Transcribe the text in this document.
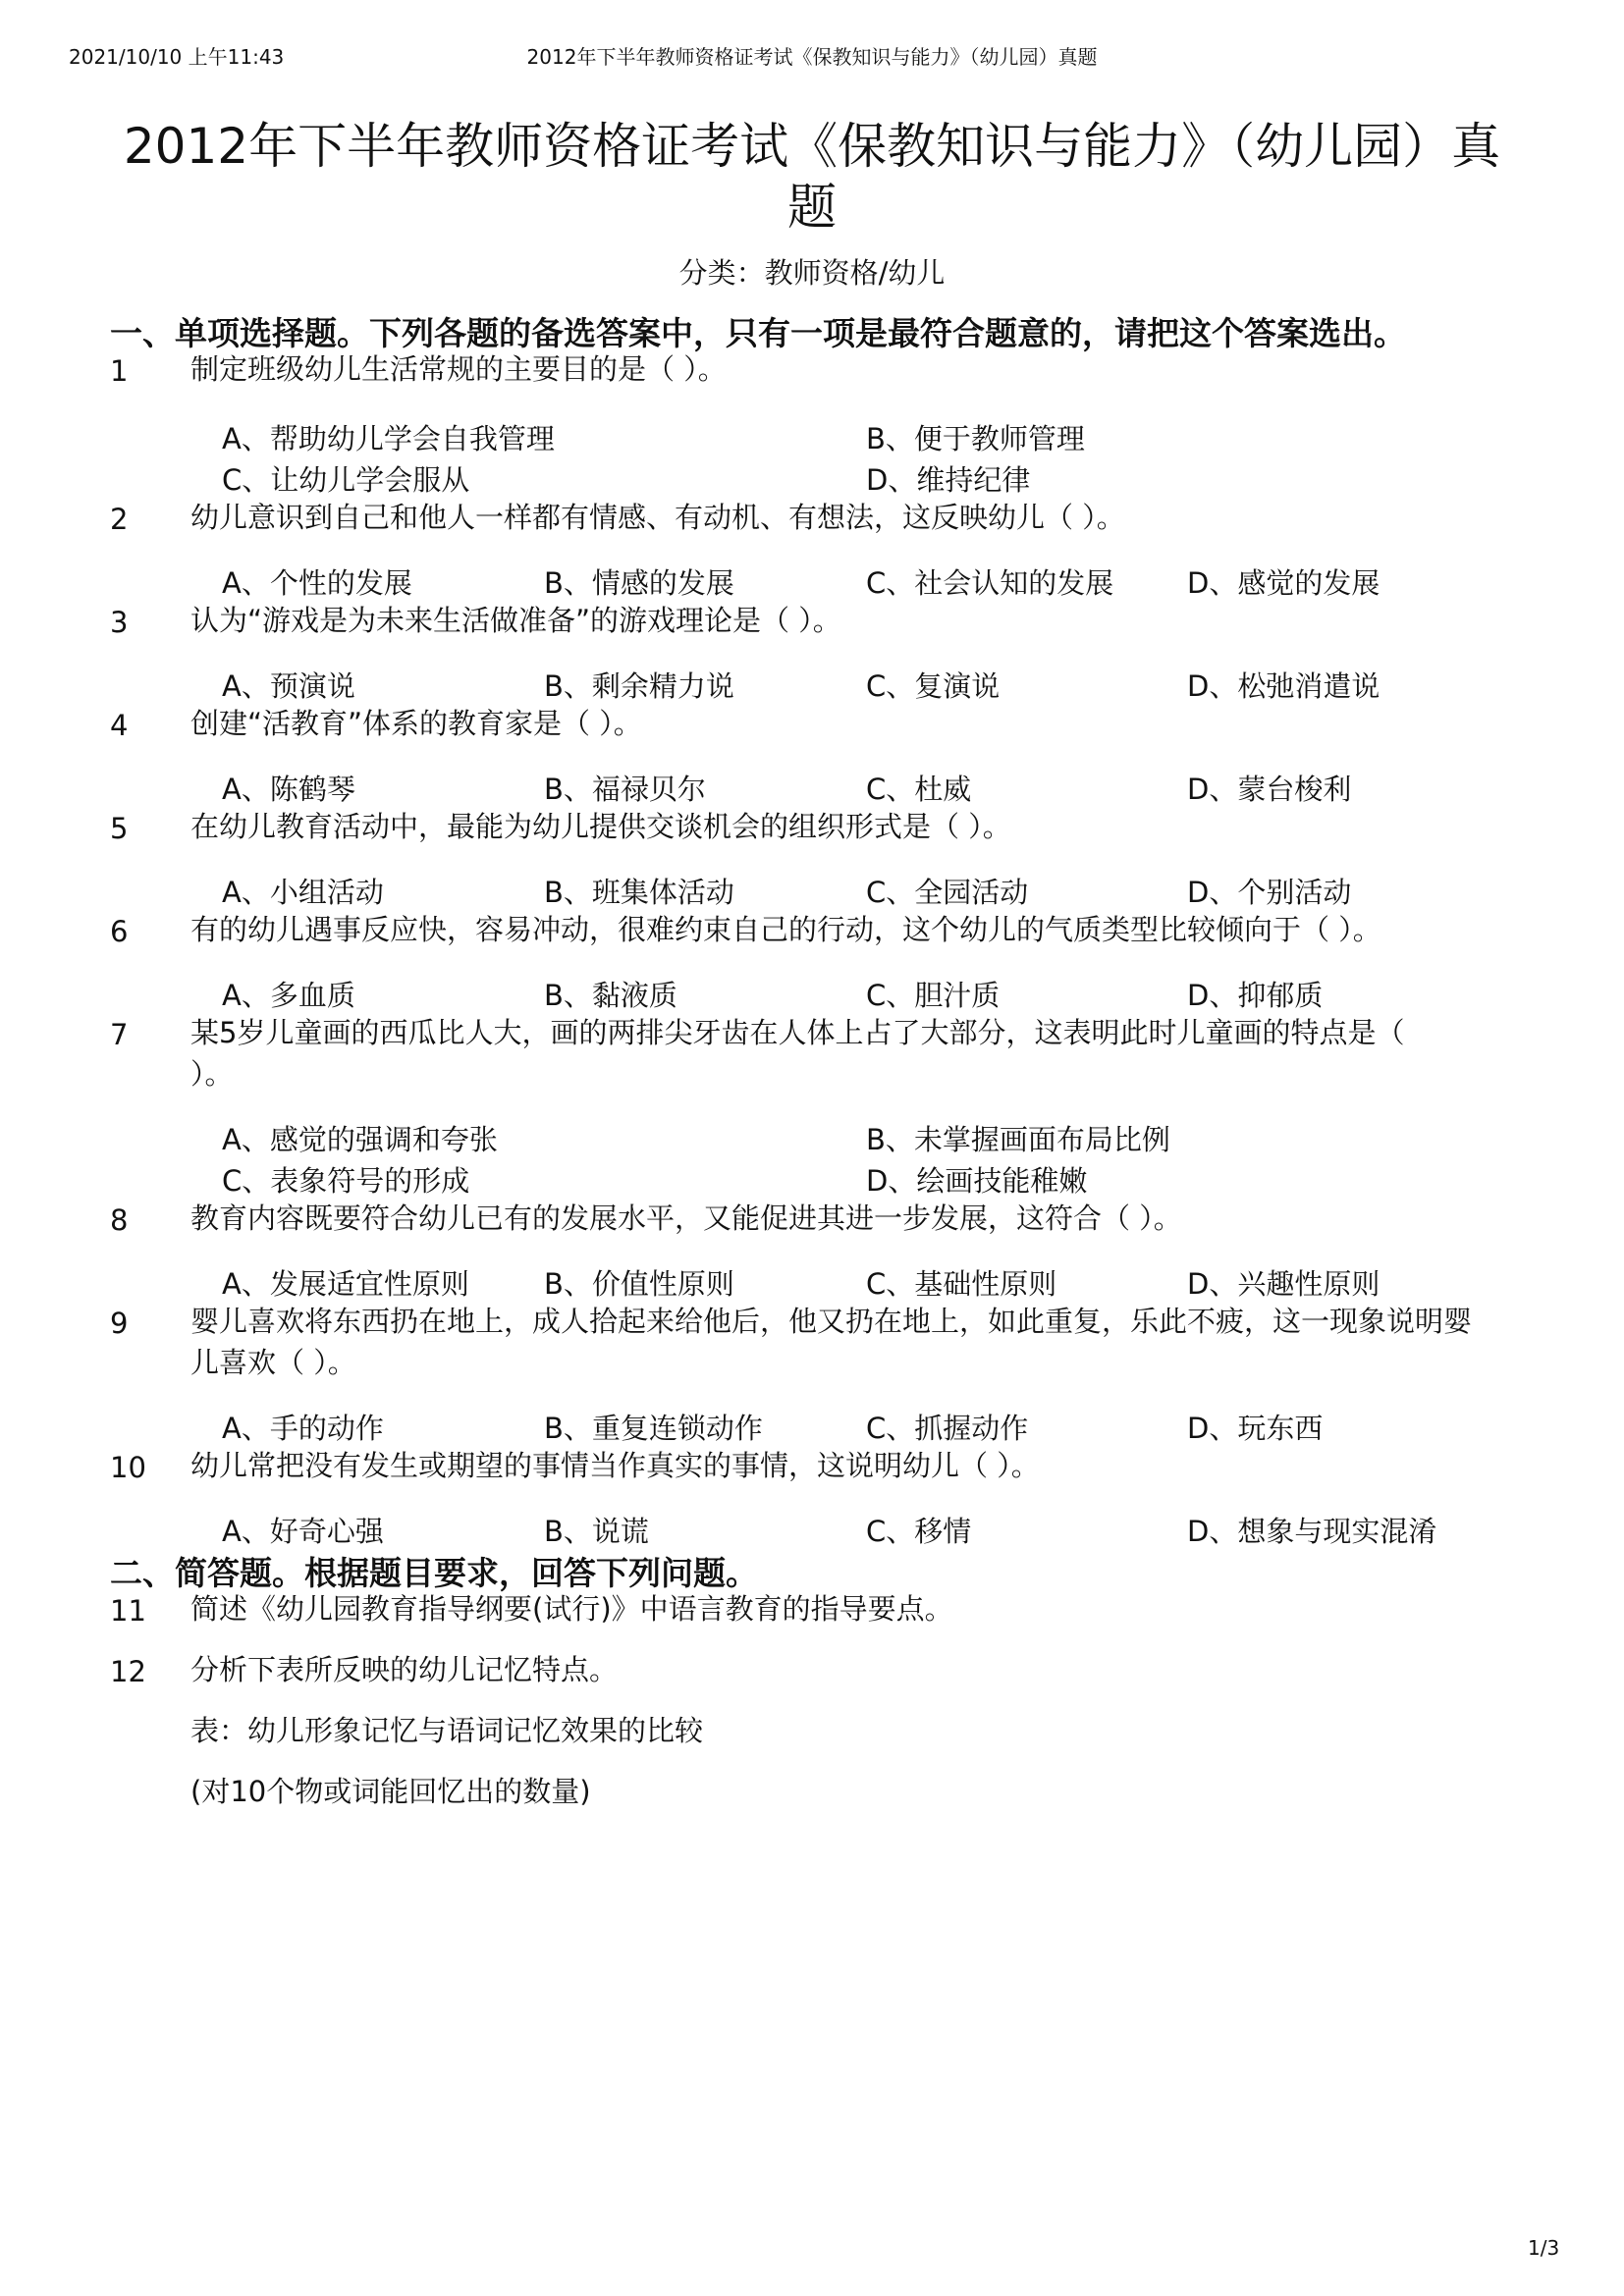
2021/10/10 上午11:43	2012年下半年教师资格证考试《保教知识与能力》（幼儿园）真题
2012年下半年教师资格证考试《保教知识与能力》（幼儿园）真题
分类：教师资格/幼儿
一、单项选择题。下列各题的备选答案中，只有一项是最符合题意的，请把这个答案选出。
1 制定班级幼儿生活常规的主要目的是（ ）。
A、帮助幼儿学会自我管理	B、便于教师管理
C、让幼儿学会服从	D、维持纪律
2 幼儿意识到自己和他人一样都有情感、有动机、有想法，这反映幼儿（ ）。
A、个性的发展	B、情感的发展	C、社会认知的发展	D、感觉的发展
3 认为“游戏是为未来生活做准备”的游戏理论是（ ）。
A、预演说	B、剩余精力说	C、复演说	D、松弛消遣说
4 创建“活教育”体系的教育家是（ ）。
A、陈鹤琴	B、福禄贝尔	C、杜威	D、蒙台梭利
5 在幼儿教育活动中，最能为幼儿提供交谈机会的组织形式是（ ）。
A、小组活动	B、班集体活动	C、全园活动	D、个别活动
6 有的幼儿遇事反应快，容易冲动，很难约束自己的行动，这个幼儿的气质类型比较倾向于（ ）。
A、多血质	B、黏液质	C、胆汁质	D、抑郁质
7 某5岁儿童画的西瓜比人大，画的两排尖牙齿在人体上占了大部分，这表明此时儿童画的特点是（ ）。
A、感觉的强调和夸张	B、未掌握画面布局比例
C、表象符号的形成	D、绘画技能稚嫩
8 教育内容既要符合幼儿已有的发展水平，又能促进其进一步发展，这符合（ ）。
A、发展适宜性原则	B、价值性原则	C、基础性原则	D、兴趣性原则
9 婴儿喜欢将东西扔在地上，成人拾起来给他后，他又扔在地上，如此重复，乐此不疲，这一现象说明婴儿喜欢（ ）。
A、手的动作	B、重复连锁动作	C、抓握动作	D、玩东西
10 幼儿常把没有发生或期望的事情当作真实的事情，这说明幼儿（ ）。
A、好奇心强	B、说谎	C、移情	D、想象与现实混淆
二、简答题。根据题目要求，回答下列问题。
11 简述《幼儿园教育指导纲要(试行)》中语言教育的指导要点。
12 分析下表所反映的幼儿记忆特点。
表：幼儿形象记忆与语词记忆效果的比较
(对10个物或词能回忆出的数量)
1/3
